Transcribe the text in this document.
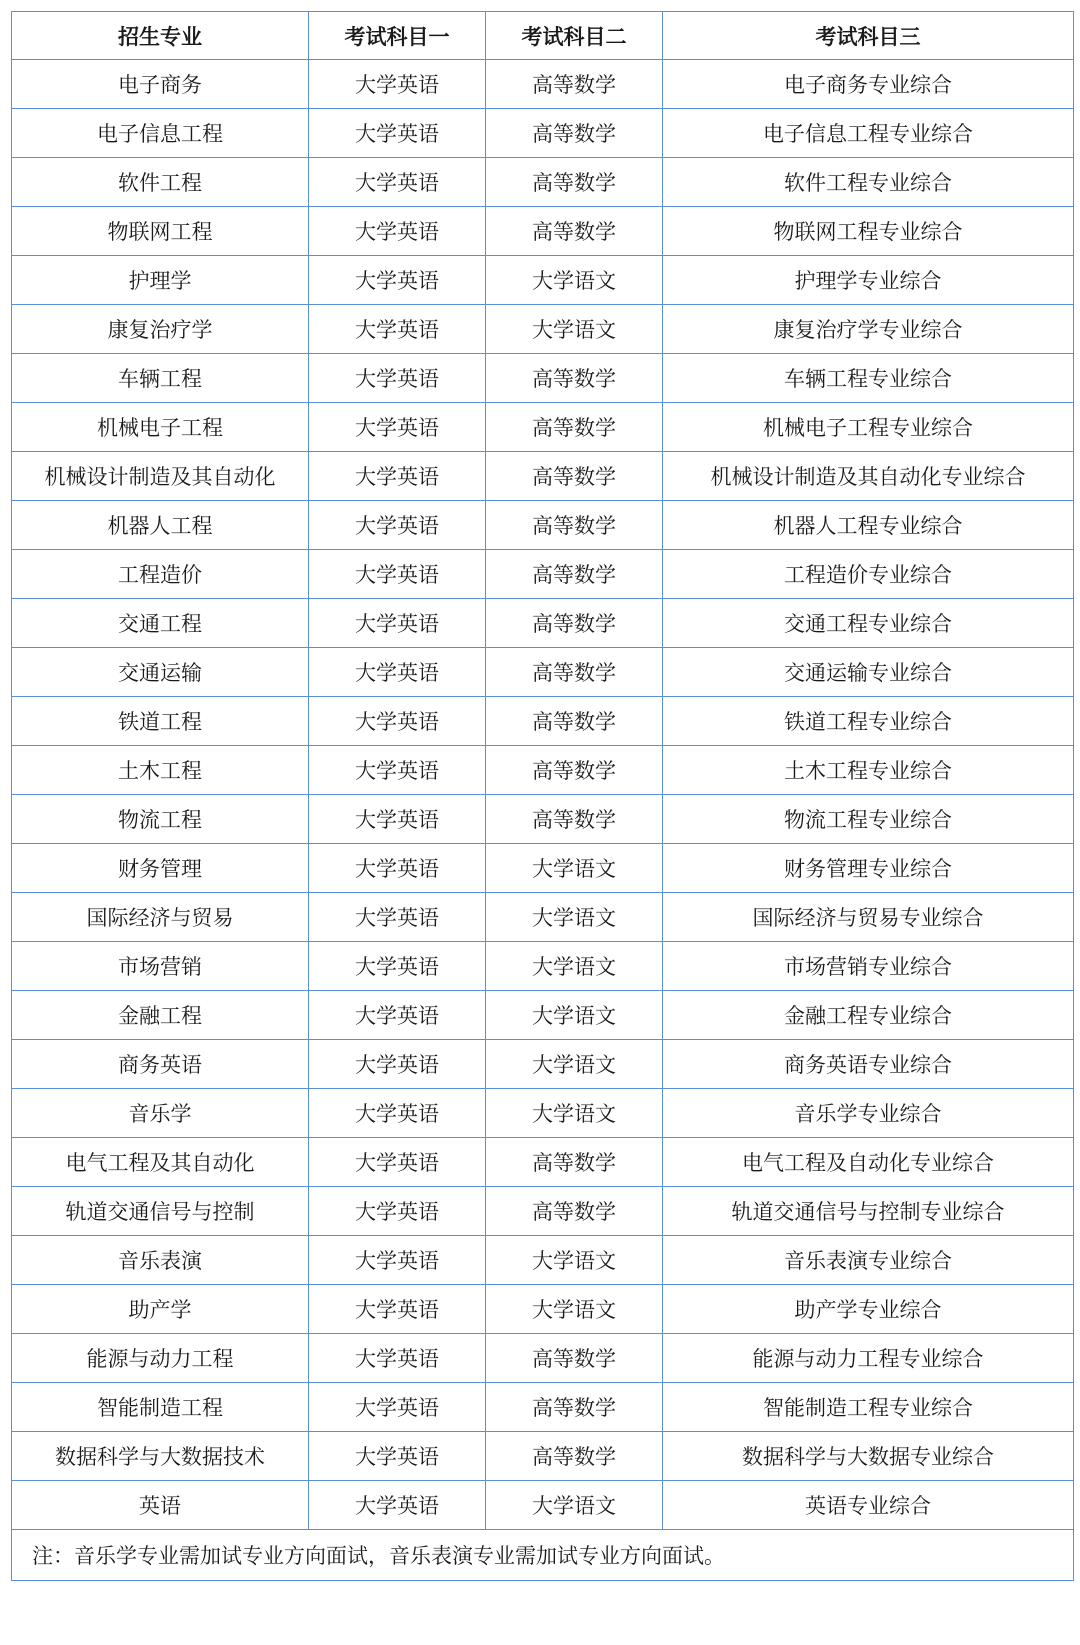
招生专业	考试科目一	考试科目二	考试科目三
电子商务	大学英语	高等数学	电子商务专业综合
电子信息工程	大学英语	高等数学	电子信息工程专业综合
软件工程	大学英语	高等数学	软件工程专业综合
物联网工程	大学英语	高等数学	物联网工程专业综合
护理学	大学英语	大学语文	护理学专业综合
康复治疗学	大学英语	大学语文	康复治疗学专业综合
车辆工程	大学英语	高等数学	车辆工程专业综合
机械电子工程	大学英语	高等数学	机械电子工程专业综合
机械设计制造及其自动化	大学英语	高等数学	机械设计制造及其自动化专业综合
机器人工程	大学英语	高等数学	机器人工程专业综合
工程造价	大学英语	高等数学	工程造价专业综合
交通工程	大学英语	高等数学	交通工程专业综合
交通运输	大学英语	高等数学	交通运输专业综合
铁道工程	大学英语	高等数学	铁道工程专业综合
土木工程	大学英语	高等数学	土木工程专业综合
物流工程	大学英语	高等数学	物流工程专业综合
财务管理	大学英语	大学语文	财务管理专业综合
国际经济与贸易	大学英语	大学语文	国际经济与贸易专业综合
市场营销	大学英语	大学语文	市场营销专业综合
金融工程	大学英语	大学语文	金融工程专业综合
商务英语	大学英语	大学语文	商务英语专业综合
音乐学	大学英语	大学语文	音乐学专业综合
电气工程及其自动化	大学英语	高等数学	电气工程及自动化专业综合
轨道交通信号与控制	大学英语	高等数学	轨道交通信号与控制专业综合
音乐表演	大学英语	大学语文	音乐表演专业综合
助产学	大学英语	大学语文	助产学专业综合
能源与动力工程	大学英语	高等数学	能源与动力工程专业综合
智能制造工程	大学英语	高等数学	智能制造工程专业综合
数据科学与大数据技术	大学英语	高等数学	数据科学与大数据专业综合
英语	大学英语	大学语文	英语专业综合
注：音乐学专业需加试专业方向面试，音乐表演专业需加试专业方向面试。			
